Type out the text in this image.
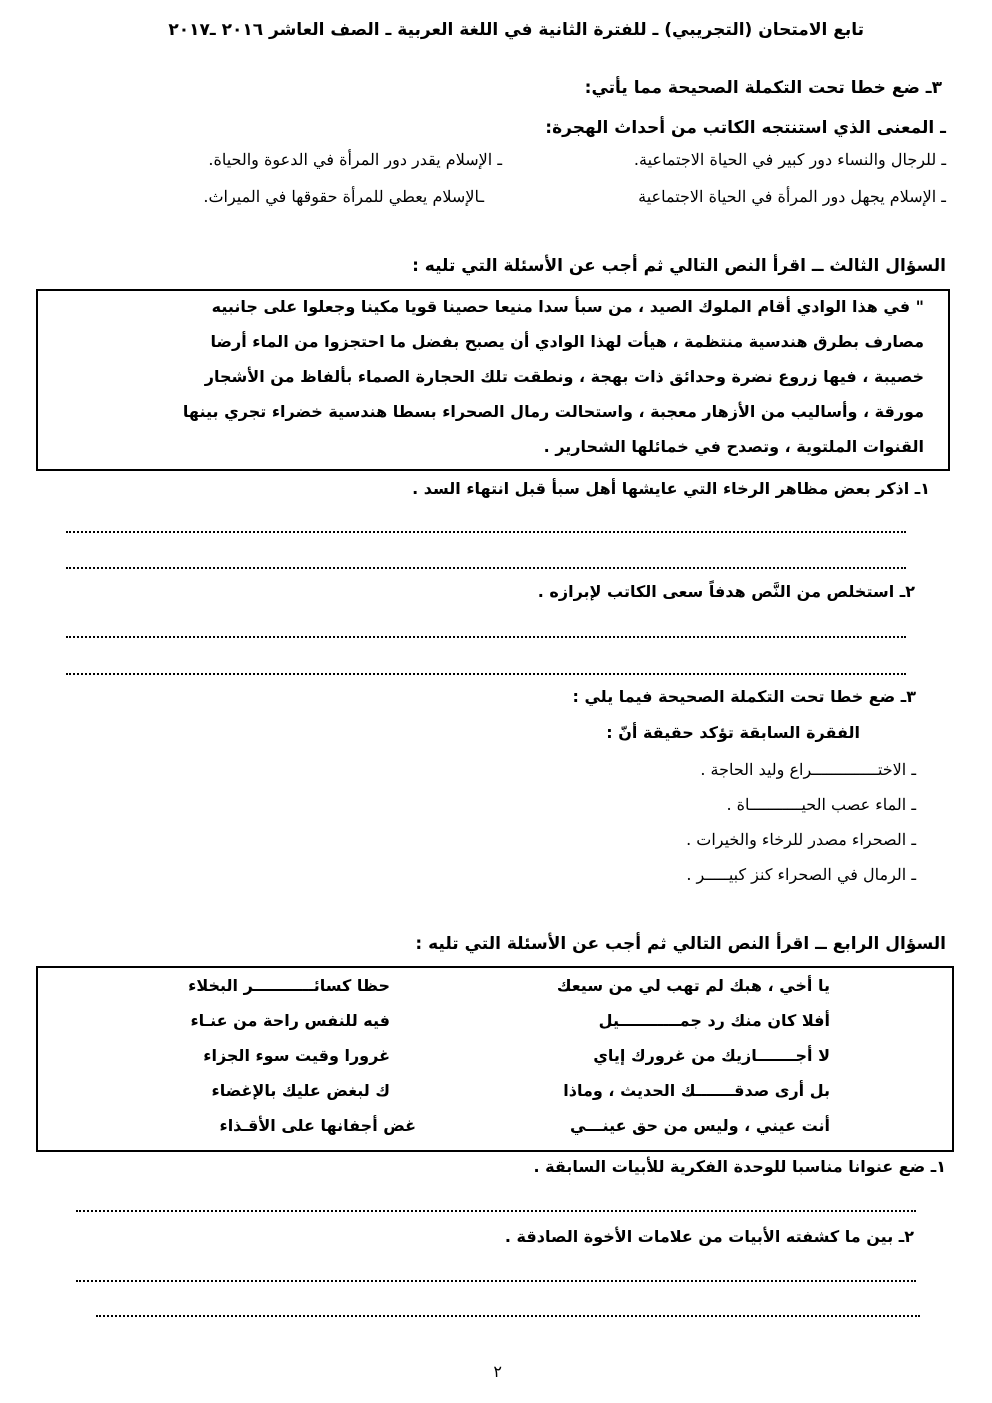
تابع الامتحان (التجريبي) ـ للفترة الثانية في اللغة العربية ـ الصف العاشر ٢٠١٦ ـ٢٠١٧
٣ـ ضع خطا تحت التكملة الصحيحة مما يأتي:
ـ المعنى الذي استنتجه الكاتب من أحداث الهجرة:
ـ للرجال والنساء دور كبير في الحياة الاجتماعية.
ـ الإسلام يقدر دور المرأة في الدعوة والحياة.
ـ الإسلام يجهل دور المرأة في الحياة الاجتماعية
ـالإسلام يعطي للمرأة حقوقها في الميراث.
السؤال الثالث ــ اقرأ النص التالي ثم أجب عن الأسئلة التي تليه :
" في هذا الوادي أقام الملوك الصيد ، من سبأ سدا منيعا حصينا قويا مكينا وجعلوا على جانبيه
مصارف بطرق هندسية منتظمة ، هيأت لهذا الوادي أن يصبح بفضل ما احتجزوا من الماء أرضا
خصيبة ، فيها زروع نضرة وحدائق ذات بهجة ، ونطقت تلك الحجارة الصماء بألفاظ من الأشجار
مورقة ، وأساليب من الأزهار معجبة ، واستحالت رمال الصحراء بسطا هندسية خضراء تجري بينها
القنوات الملتوية ، وتصدح في خمائلها الشحارير .
١ـ اذكر بعض مظاهر الرخاء التي عايشها أهل سبأ قبل انتهاء السد .
٢ـ استخلص من النَّص هدفاً سعى الكاتب لإبرازه .
٣ـ ضع خطا تحت التكملة الصحيحة فيما يلي :
الفقرة السابقة تؤكد حقيقة أنّ :
ـ الاختــــــــــــــراع وليد الحاجة .
ـ الماء عصب الحيـــــــــــاة .
ـ الصحراء مصدر للرخاء والخيرات .
ـ الرمال في الصحراء كنز كبيـــــر .
السؤال الرابع ــ اقرأ النص التالي ثم أجب عن الأسئلة التي تليه :
يا أخي ، هبك لم تهب لي من سيعك
حظا كسائـــــــــــر البخلاء
أفلا كان منك رد جمـــــــــــيل
فيه للنفس راحة من عنـاء
لا أجـــــــازيك من غرورك إياي
غرورا وقيت سوء الجزاء
بل أرى صدقـــــــك الحديث ، وماذا
ك لبغض عليك بالإغضاء
أنت عيني ، وليس من حق عينـــي
غض أجفانها على الأقـذاء
١ـ ضع عنوانا مناسبا للوحدة الفكرية للأبيات السابقة .
٢ـ بين ما كشفته الأبيات من علامات الأخوة الصادقة .
٢
